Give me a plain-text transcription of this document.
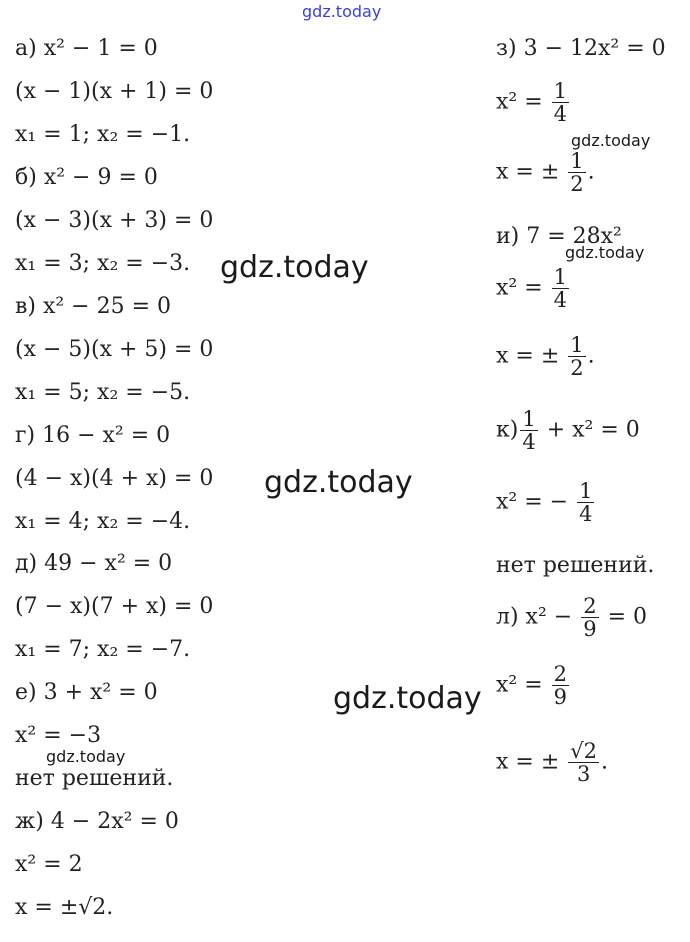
gdz.today
gdz.today
gdz.today
gdz.today
gdz.today
gdz.today
gdz.today
а) x² − 1 = 0
(x − 1)(x + 1) = 0
x₁ = 1; x₂ = −1.
б) x² − 9 = 0
(x − 3)(x + 3) = 0
x₁ = 3; x₂ = −3.
в) x² − 25 = 0
(x − 5)(x + 5) = 0
x₁ = 5; x₂ = −5.
г) 16 − x² = 0
(4 − x)(4 + x) = 0
x₁ = 4; x₂ = −4.
д) 49 − x² = 0
(7 − x)(7 + x) = 0
x₁ = 7; x₂ = −7.
е) 3 + x² = 0
x² = −3
нет решений.
ж) 4 − 2x² = 0
x² = 2
x = ±√2.
з) 3 − 12x² = 0
$x^2 = \frac{1}{4}$
x = ± $\frac{1}{2}$ .
и) 7 = 28x²
$x^2 = \frac{1}{4}$
x = ± $\frac{1}{2}$ .
$к) \frac{1}{4} + x^2 = 0$
x² = − $\frac{1}{4}$
нет решений.
л) $x^2 - \frac{2}{9} = 0$
$x^2 = \frac{2}{9}$
x = ± $\frac{√2}{3}$ .
